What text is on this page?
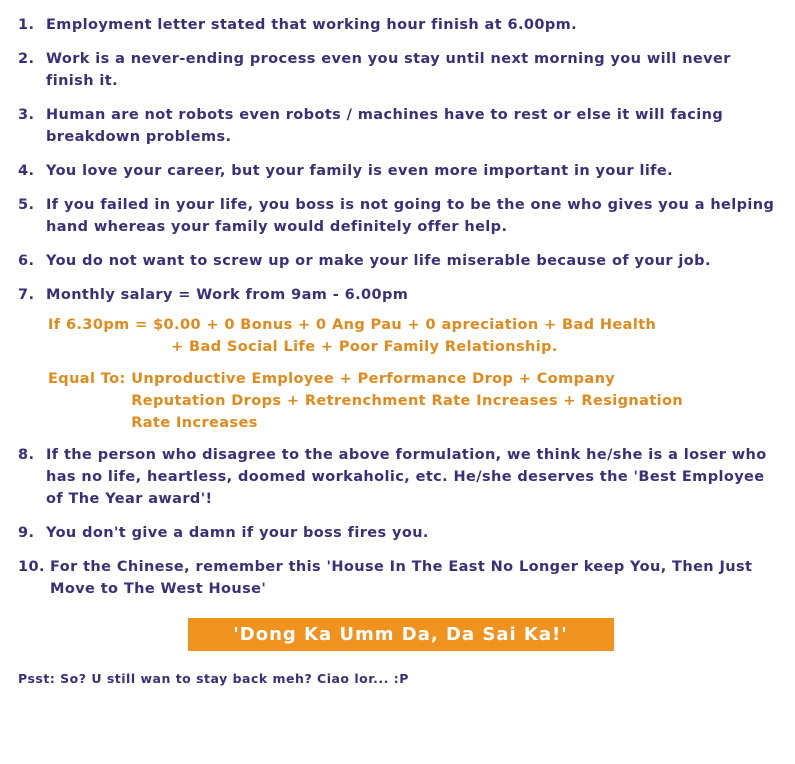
1. Employment letter stated that working hour finish at 6.00pm.
2. Work is a never-ending process even you stay until next morning you will never finish it.
3. Human are not robots even robots / machines have to rest or else it will facing breakdown problems.
4. You love your career, but your family is even more important in your life.
5. If you failed in your life, you boss is not going to be the one who gives you a helping hand whereas your family would definitely offer help.
6. You do not want to screw up or make your life miserable because of your job.
7. Monthly salary = Work from 9am - 6.00pm
If 6.30pm = $0.00 + 0 Bonus + 0 Ang Pau + 0 apreciation + Bad Health
+ Bad Social Life + Poor Family Relationship.
Equal To: Unproductive Employee + Performance Drop + Company
Reputation Drops + Retrenchment Rate Increases + Resignation
Rate Increases
8. If the person who disagree to the above formulation, we think he/she is a loser who has no life, heartless, doomed workaholic, etc. He/she deserves the 'Best Employee of The Year award'!
9. You don't give a damn if your boss fires you.
10. For the Chinese, remember this 'House In The East No Longer keep You, Then Just Move to The West House'
'Dong Ka Umm Da, Da Sai Ka!'
Psst: So? U still wan to stay back meh? Ciao lor... :P
